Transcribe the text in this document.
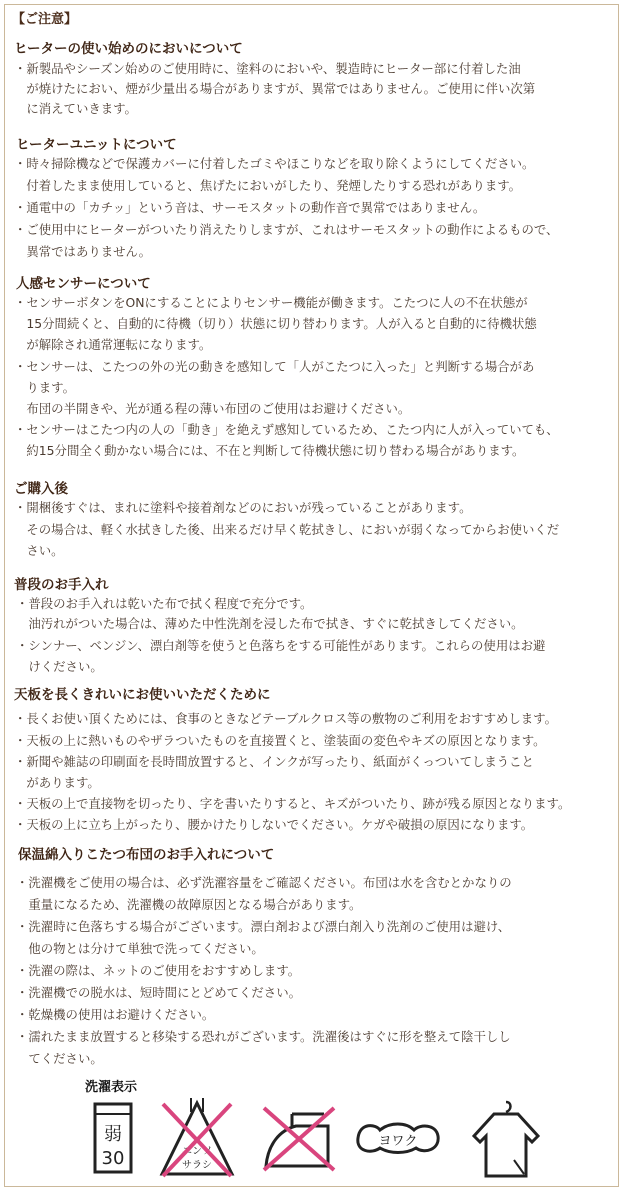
【ご注意】
ヒーターの使い始めのにおいについて
・新製品やシーズン始めのご使用時に、塗料のにおいや、製造時にヒーター部に付着した油
　が焼けたにおい、煙が少量出る場合がありますが、異常ではありません。ご使用に伴い次第
　に消えていきます。
ヒーターユニットについて
・時々掃除機などで保護カバーに付着したゴミやほこりなどを取り除くようにしてください。
　付着したまま使用していると、焦げたにおいがしたり、発煙したりする恐れがあります。
・通電中の「カチッ」という音は、サーモスタットの動作音で異常ではありません。
・ご使用中にヒーターがついたり消えたりしますが、これはサーモスタットの動作によるもので、
　異常ではありません。
人感センサーについて
・センサーボタンをONにすることによりセンサー機能が働きます。こたつに人の不在状態が
　15分間続くと、自動的に待機（切り）状態に切り替わります。人が入ると自動的に待機状態
　が解除され通常運転になります。
・センサーは、こたつの外の光の動きを感知して「人がこたつに入った」と判断する場合があ
　ります。
　布団の半開きや、光が通る程の薄い布団のご使用はお避けください。
・センサーはこたつ内の人の「動き」を絶えず感知しているため、こたつ内に人が入っていても、
　約15分間全く動かない場合には、不在と判断して待機状態に切り替わる場合があります。
ご購入後
・開梱後すぐは、まれに塗料や接着剤などのにおいが残っていることがあります。
　その場合は、軽く水拭きした後、出来るだけ早く乾拭きし、においが弱くなってからお使いくだ
　さい。
普段のお手入れ
・普段のお手入れは乾いた布で拭く程度で充分です。
　油汚れがついた場合は、薄めた中性洗剤を浸した布で拭き、すぐに乾拭きしてください。
・シンナー、ベンジン、漂白剤等を使うと色落ちをする可能性があります。これらの使用はお避
　けください。
天板を長くきれいにお使いいただくために
・長くお使い頂くためには、食事のときなどテーブルクロス等の敷物のご利用をおすすめします。
・天板の上に熱いものやザラついたものを直接置くと、塗装面の変色やキズの原因となります。
・新聞や雑誌の印刷面を長時間放置すると、インクが写ったり、紙面がくっついてしまうこと
　があります。
・天板の上で直接物を切ったり、字を書いたりすると、キズがついたり、跡が残る原因となります。
・天板の上に立ち上がったり、腰かけたりしないでください。ケガや破損の原因になります。
保温綿入りこたつ布団のお手入れについて
・洗濯機をご使用の場合は、必ず洗濯容量をご確認ください。布団は水を含むとかなりの
　重量になるため、洗濯機の故障原因となる場合があります。
・洗濯時に色落ちする場合がございます。漂白剤および漂白剤入り洗剤のご使用は避け、
　他の物とは分けて単独で洗ってください。
・洗濯の際は、ネットのご使用をおすすめします。
・洗濯機での脱水は、短時間にとどめてください。
・乾燥機の使用はお避けください。
・濡れたまま放置すると移染する恐れがございます。洗濯後はすぐに形を整えて陰干しし
　てください。
洗濯表示
弱
30	エンソ
サラシ
ヨワク
